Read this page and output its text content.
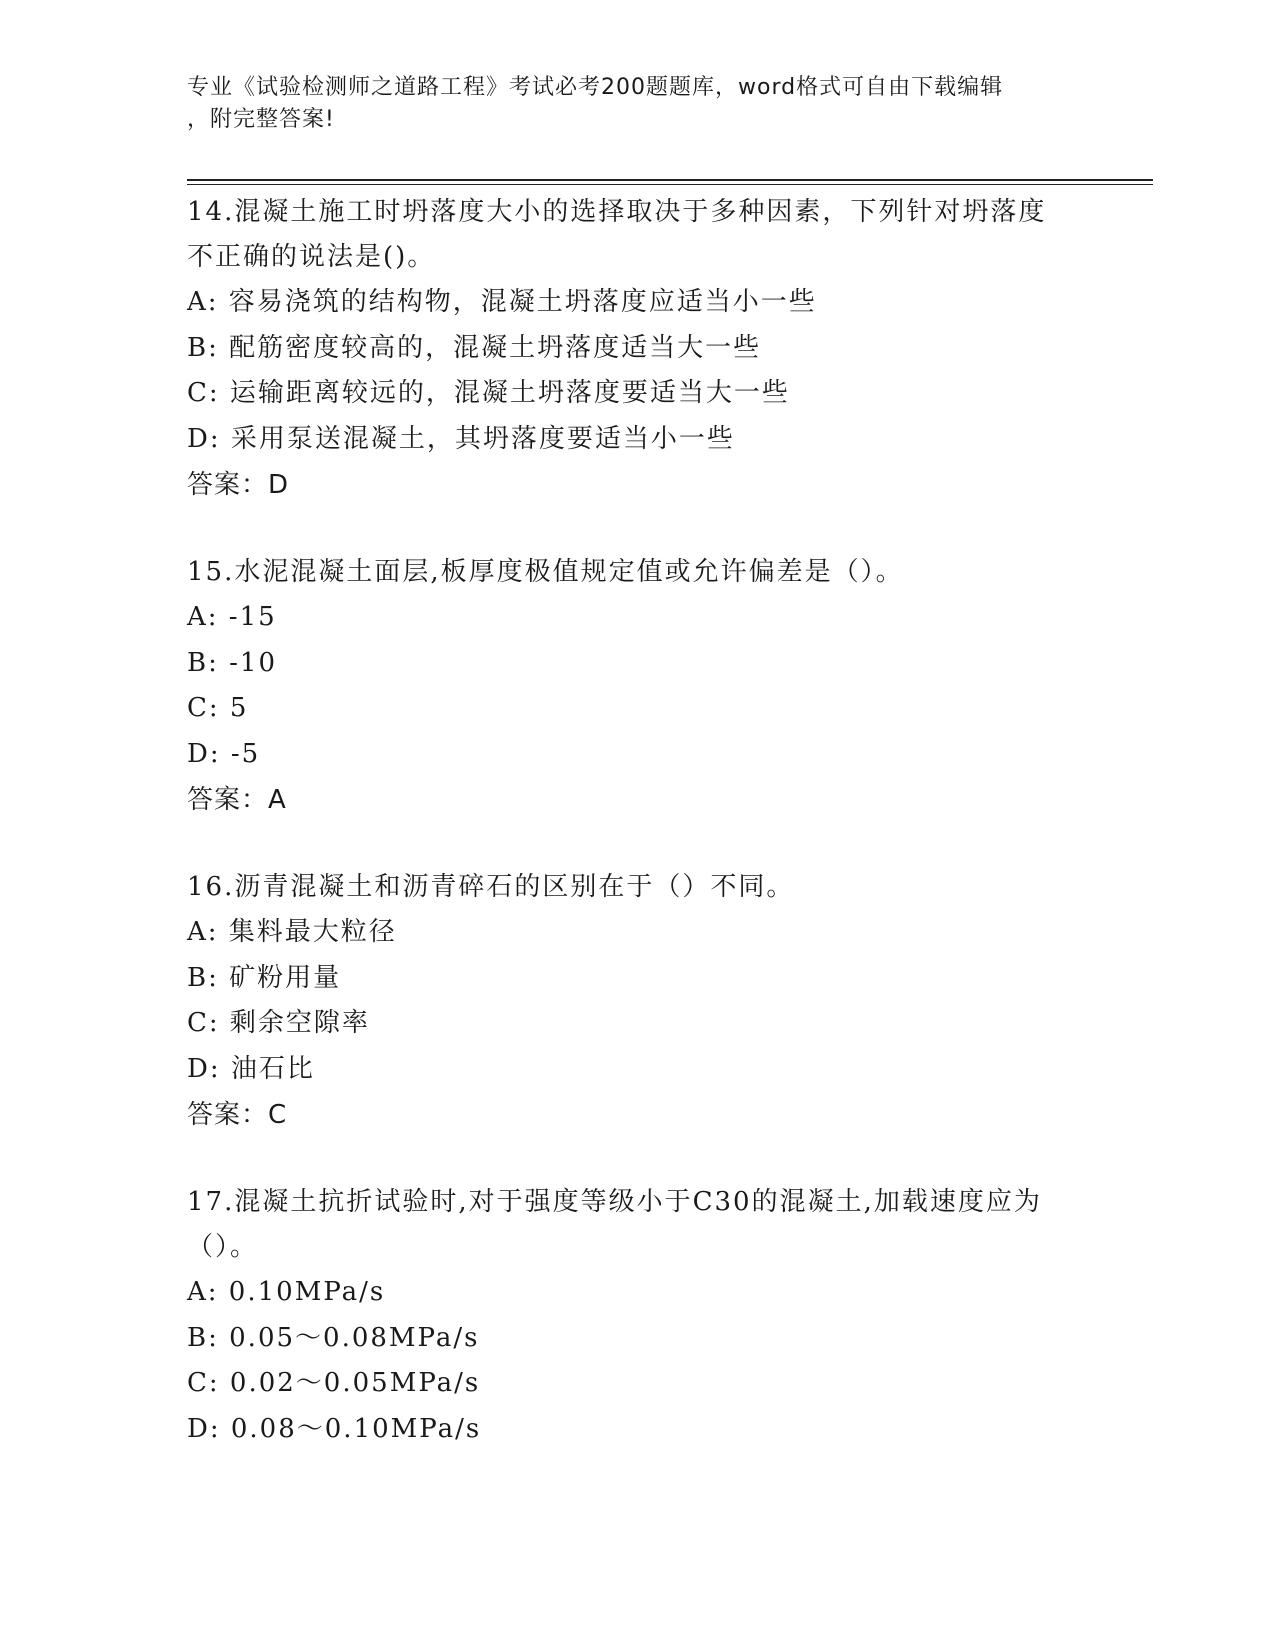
专业《试验检测师之道路工程》考试必考200题题库，word格式可自由下载编辑
，附完整答案!

14.混凝土施工时坍落度大小的选择取决于多种因素，下列针对坍落度
不正确的说法是()。

A: 容易浇筑的结构物，混凝土坍落度应适当小一些

B: 配筋密度较高的，混凝土坍落度适当大一些

C: 运输距离较远的，混凝土坍落度要适当大一些

D: 采用泵送混凝土，其坍落度要适当小一些

答案：D

15.水泥混凝土面层,板厚度极值规定值或允许偏差是（）。

A: -15

B: -10

C: 5

D: -5

答案：A

16.沥青混凝土和沥青碎石的区别在于（）不同。

A: 集料最大粒径

B: 矿粉用量

C: 剩余空隙率

D: 油石比

答案：C

17.混凝土抗折试验时,对于强度等级小于C30的混凝土,加载速度应为
（）。

A: 0.10MPa/s

B: 0.05～0.08MPa/s

C: 0.02～0.05MPa/s

D: 0.08～0.10MPa/s
